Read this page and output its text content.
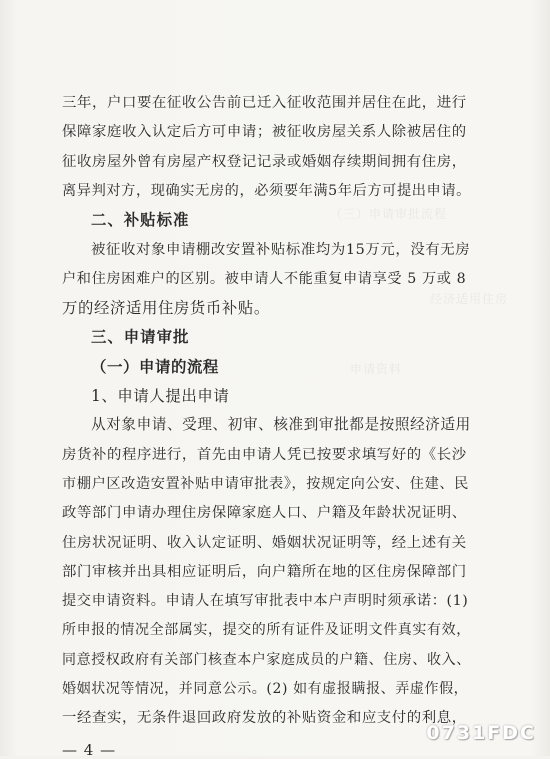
（三）申请审批流程
经济适用住房
申请资料
三年，户口要在征收公告前已迁入征收范围并居住在此，进行
保障家庭收入认定后方可申请；被征收房屋关系人除被居住的
征收房屋外曾有房屋产权登记记录或婚姻存续期间拥有住房，
离异判对方，现确实无房的，必须要年满5年后方可提出申请。
二、补贴标准
被征收对象申请棚改安置补贴标准均为15万元，没有无房
户和住房困难户的区别。被申请人不能重复申请享受 5 万或 8
万的经济适用住房货币补贴。
三、申请审批
（一）申请的流程
1、申请人提出申请
从对象申请、受理、初审、核准到审批都是按照经济适用
房货补的程序进行，首先由申请人凭已按要求填写好的《长沙
市棚户区改造安置补贴申请审批表》，按规定向公安、住建、民
政等部门申请办理住房保障家庭人口、户籍及年龄状况证明、
住房状况证明、收入认定证明、婚姻状况证明等，经上述有关
部门审核并出具相应证明后，向户籍所在地的区住房保障部门
提交申请资料。申请人在填写审批表中本户声明时须承诺：(1)
所申报的情况全部属实，提交的所有证件及证明文件真实有效，
同意授权政府有关部门核查本户家庭成员的户籍、住房、收入、
婚姻状况等情况，并同意公示。(2) 如有虚报瞒报、弄虚作假，
一经查实，无条件退回政府发放的补贴资金和应支付的利息，
— 4 —
0731FDC
